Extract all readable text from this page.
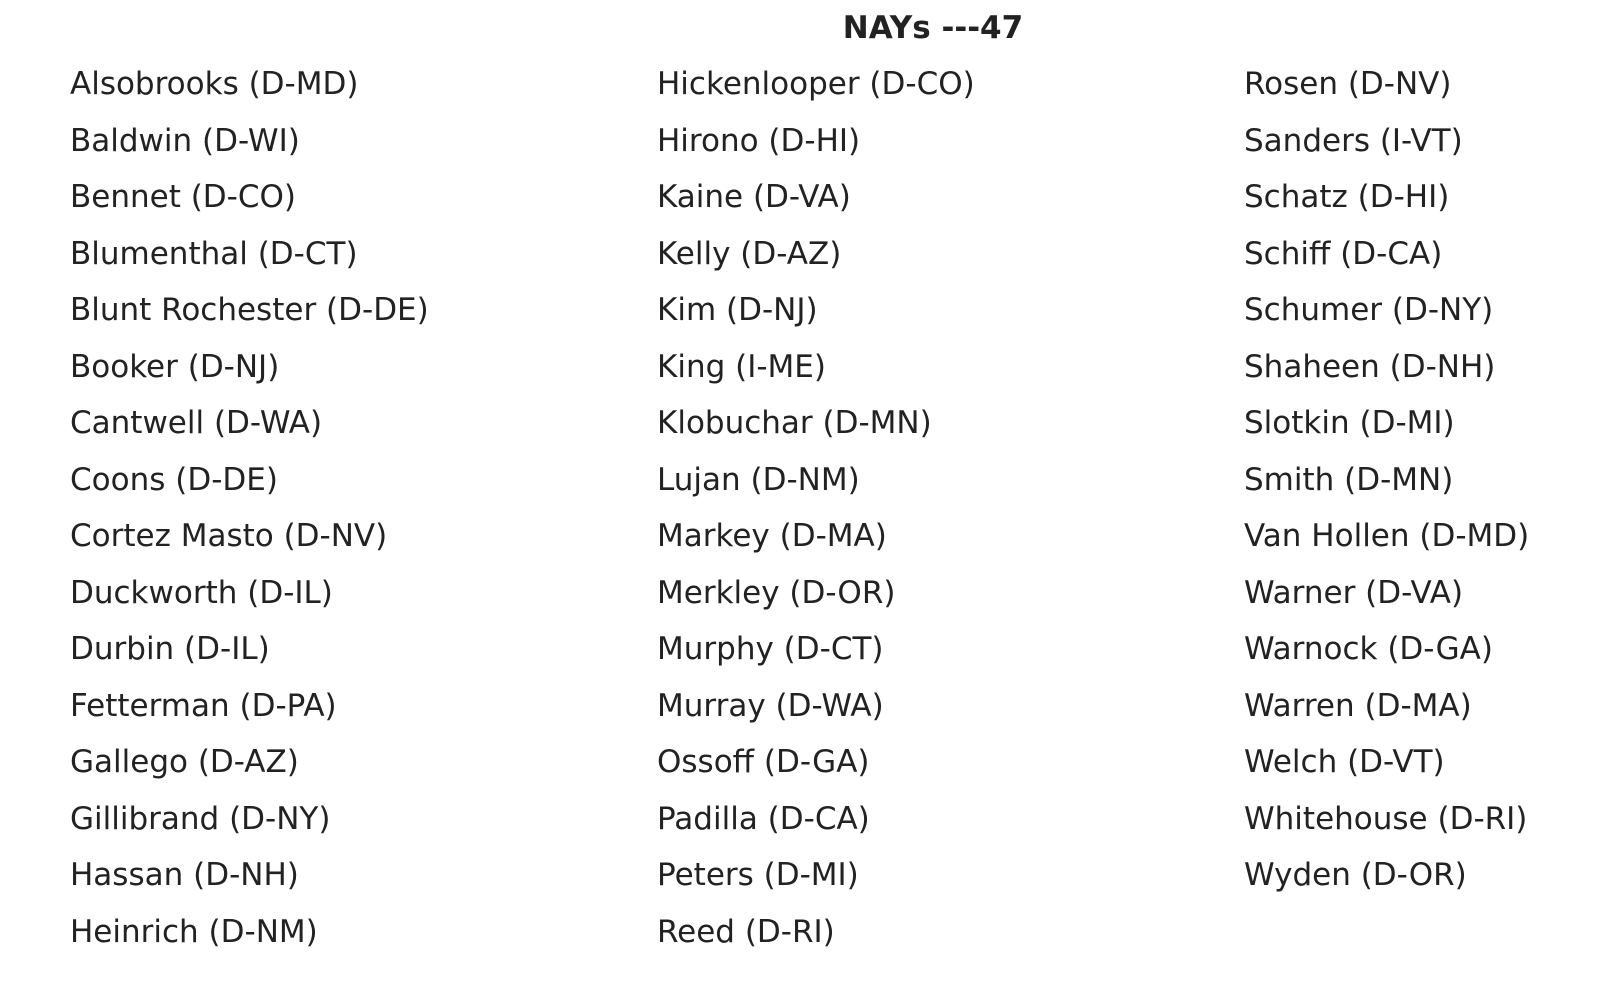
NAYs ---47
Alsobrooks (D-MD)
Baldwin (D-WI)
Bennet (D-CO)
Blumenthal (D-CT)
Blunt Rochester (D-DE)
Booker (D-NJ)
Cantwell (D-WA)
Coons (D-DE)
Cortez Masto (D-NV)
Duckworth (D-IL)
Durbin (D-IL)
Fetterman (D-PA)
Gallego (D-AZ)
Gillibrand (D-NY)
Hassan (D-NH)
Heinrich (D-NM)
Hickenlooper (D-CO)
Hirono (D-HI)
Kaine (D-VA)
Kelly (D-AZ)
Kim (D-NJ)
King (I-ME)
Klobuchar (D-MN)
Lujan (D-NM)
Markey (D-MA)
Merkley (D-OR)
Murphy (D-CT)
Murray (D-WA)
Ossoff (D-GA)
Padilla (D-CA)
Peters (D-MI)
Reed (D-RI)
Rosen (D-NV)
Sanders (I-VT)
Schatz (D-HI)
Schiff (D-CA)
Schumer (D-NY)
Shaheen (D-NH)
Slotkin (D-MI)
Smith (D-MN)
Van Hollen (D-MD)
Warner (D-VA)
Warnock (D-GA)
Warren (D-MA)
Welch (D-VT)
Whitehouse (D-RI)
Wyden (D-OR)
